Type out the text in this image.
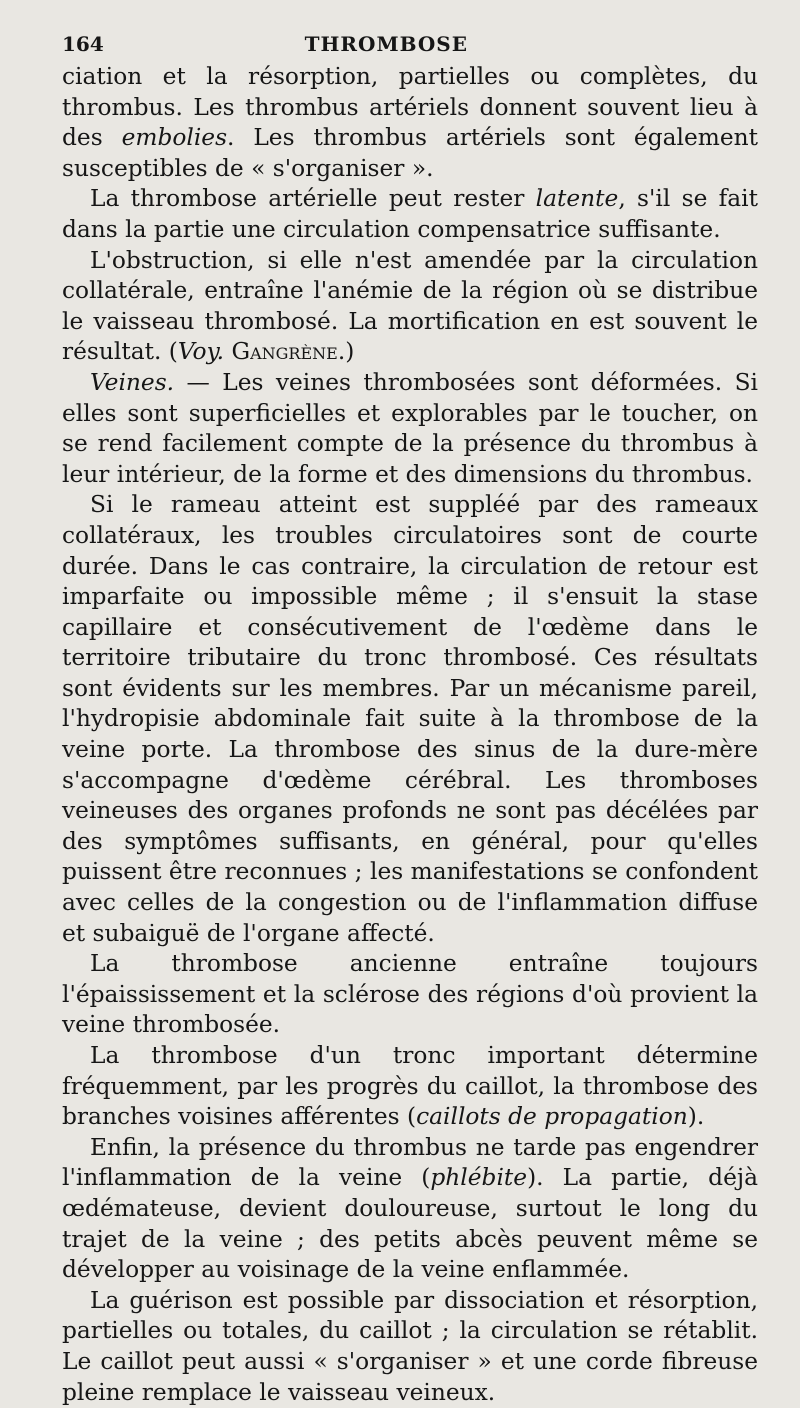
164	THROMBOSE

ciation et la résorption, partielles ou complètes, du thrombus. Les thrombus artériels donnent souvent lieu à des embolies. Les thrombus artériels sont également susceptibles de « s'organiser ».

La thrombose artérielle peut rester latente, s'il se fait dans la partie une circulation compensatrice suffisante.

L'obstruction, si elle n'est amendée par la circulation collatérale, entraîne l'anémie de la région où se distribue le vaisseau thrombosé. La mortification en est souvent le résultat. (Voy. Gangrène.)

Veines. — Les veines thrombosées sont déformées. Si elles sont superficielles et explorables par le toucher, on se rend facilement compte de la présence du thrombus à leur intérieur, de la forme et des dimensions du thrombus.

Si le rameau atteint est suppléé par des rameaux collatéraux, les troubles circulatoires sont de courte durée. Dans le cas contraire, la circulation de retour est imparfaite ou impossible même ; il s'ensuit la stase capillaire et consécutivement de l'œdème dans le territoire tributaire du tronc thrombosé. Ces résultats sont évidents sur les membres. Par un mécanisme pareil, l'hydropisie abdominale fait suite à la thrombose de la veine porte. La thrombose des sinus de la dure-mère s'accompagne d'œdème cérébral. Les thromboses veineuses des organes profonds ne sont pas décélées par des symptômes suffisants, en général, pour qu'elles puissent être reconnues ; les manifestations se confondent avec celles de la congestion ou de l'inflammation diffuse et subaiguë de l'organe affecté.

La thrombose ancienne entraîne toujours l'épaississement et la sclérose des régions d'où provient la veine thrombosée.

La thrombose d'un tronc important détermine fréquemment, par les progrès du caillot, la thrombose des branches voisines afférentes (caillots de propagation).

Enfin, la présence du thrombus ne tarde pas engendrer l'inflammation de la veine (phlébite). La partie, déjà œdémateuse, devient douloureuse, surtout le long du trajet de la veine ; des petits abcès peuvent même se développer au voisinage de la veine enflammée.

La guérison est possible par dissociation et résorption, partielles ou totales, du caillot ; la circulation se rétablit. Le caillot peut aussi « s'organiser » et une corde fibreuse pleine remplace le vaisseau veineux.
